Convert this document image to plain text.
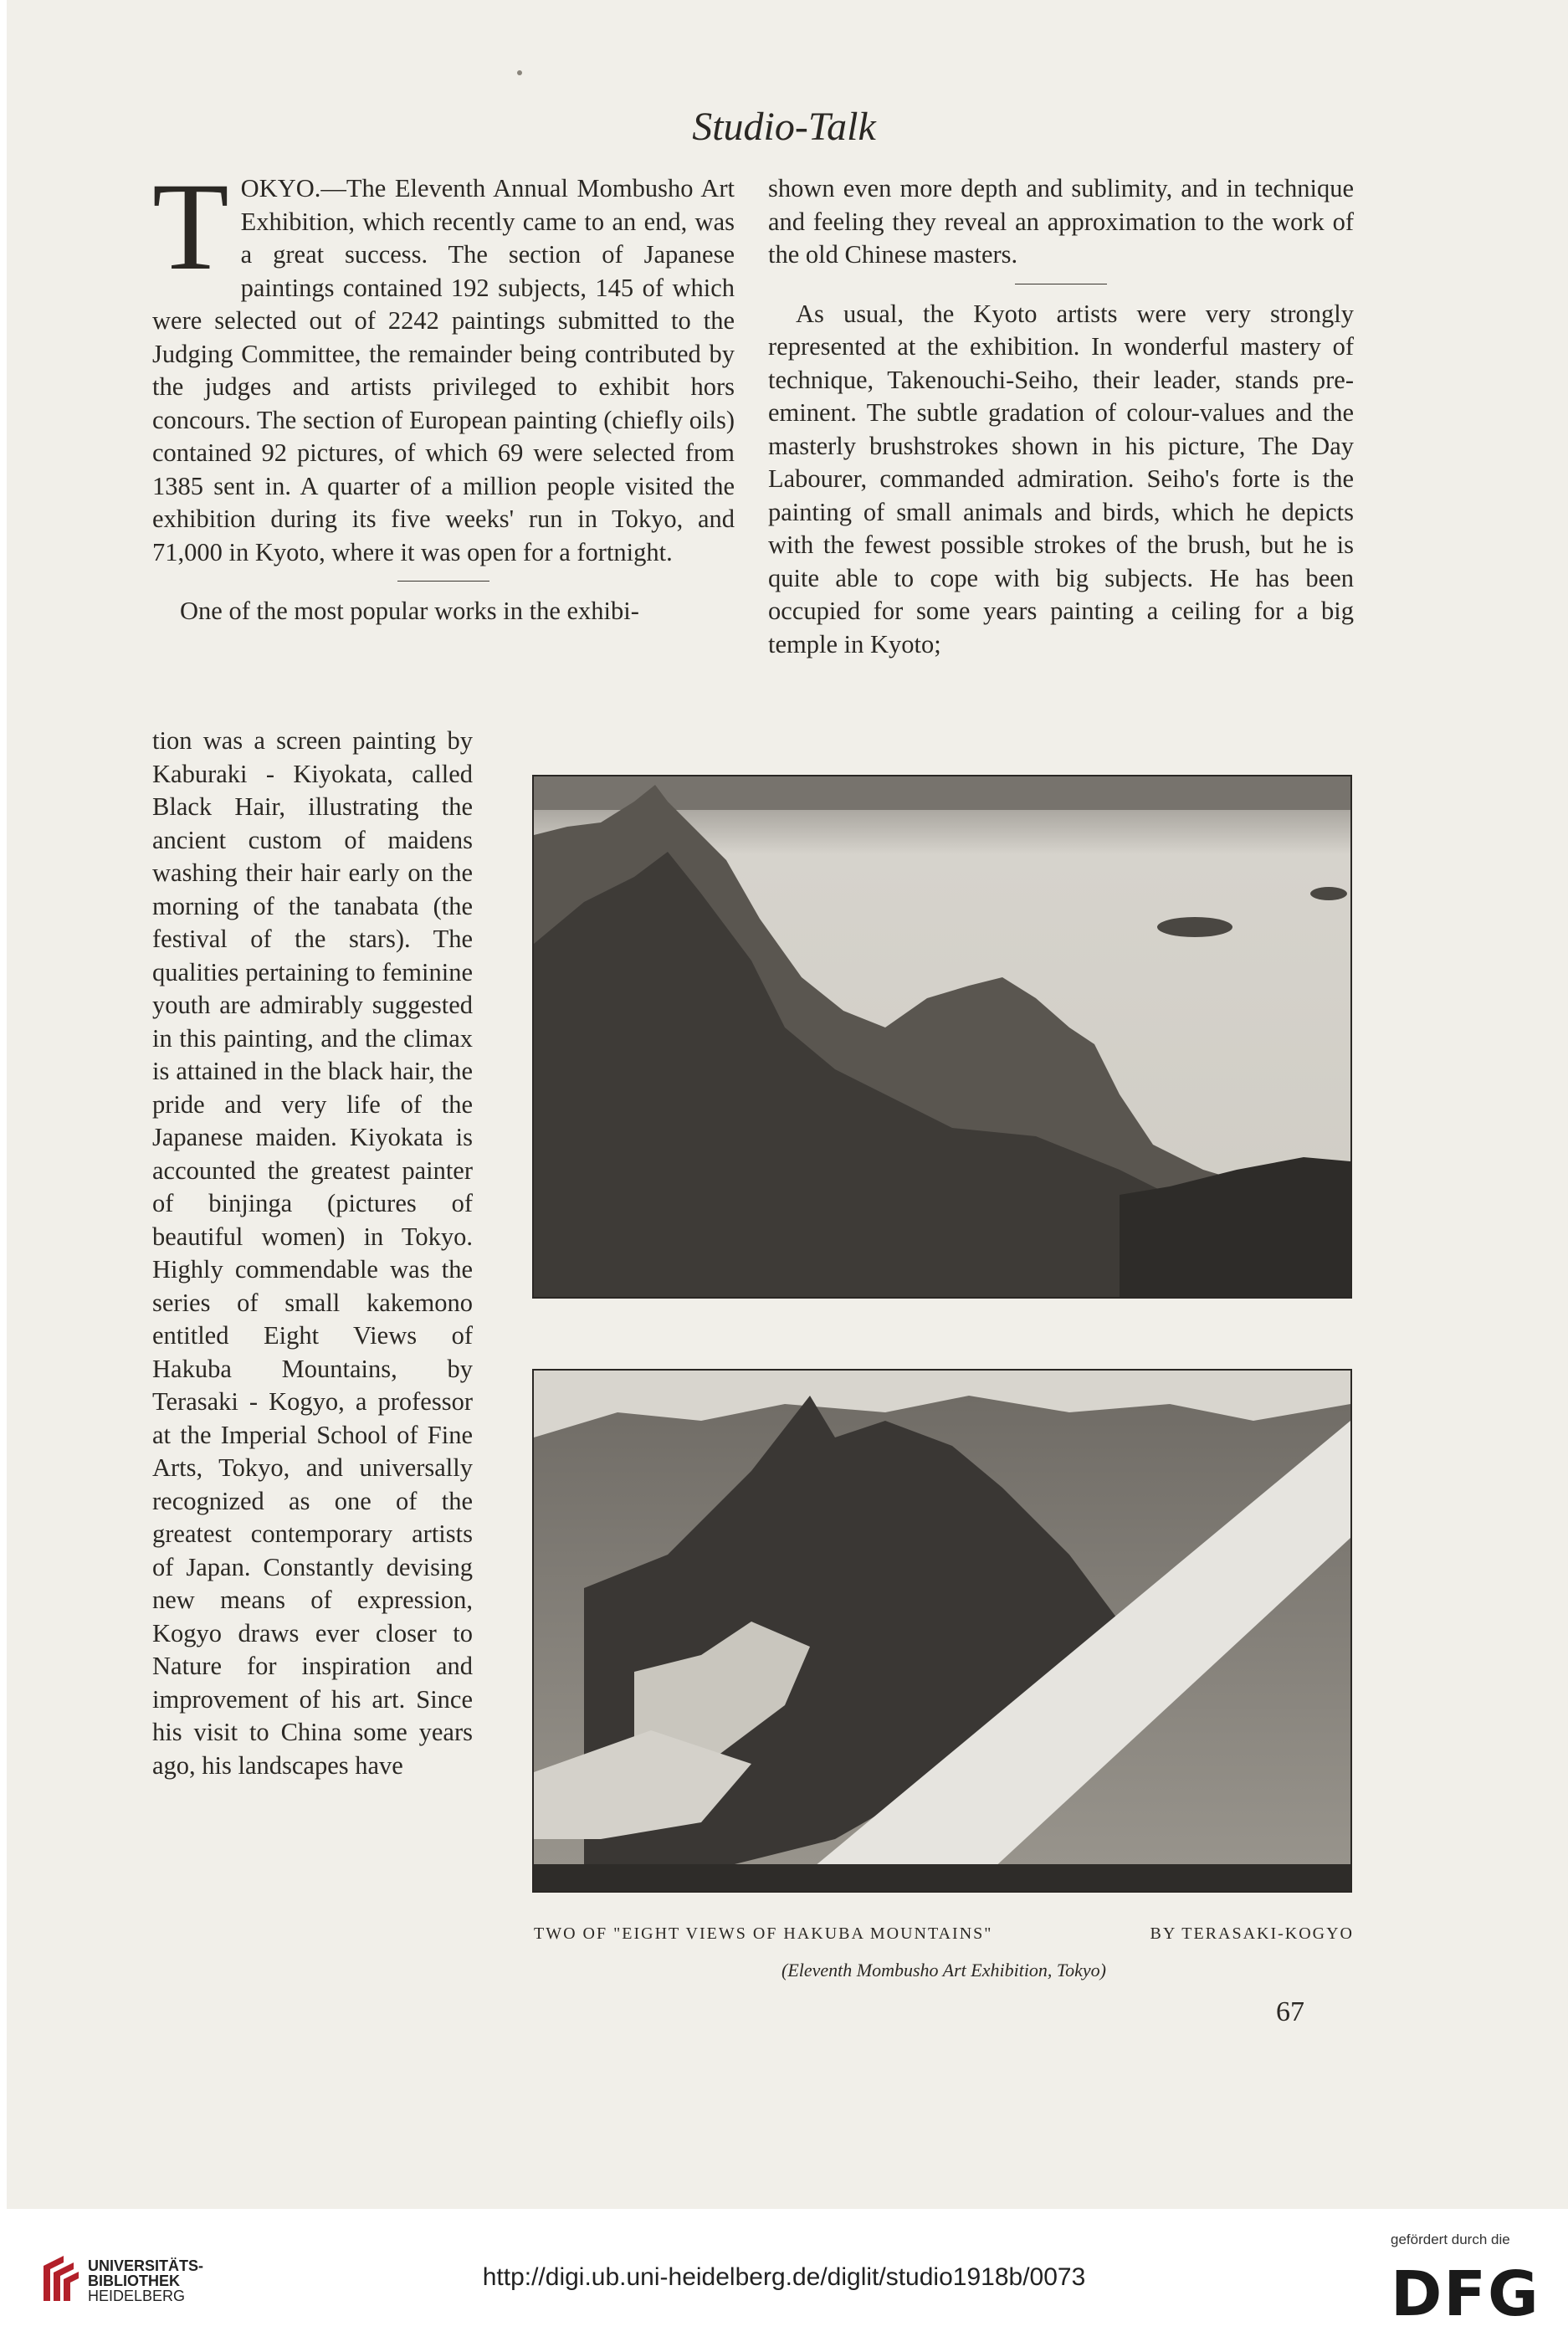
Studio-Talk
T OKYO.—The Eleventh Annual Mombusho Art Exhibition, which recently came to an end, was a great success. The section of Japanese paintings contained 192 subjects, 145 of which were selected out of 2242 paintings submitted to the Judging Committee, the remainder being contributed by the judges and artists privileged to exhibit hors concours. The section of European painting (chiefly oils) contained 92 pictures, of which 69 were selected from 1385 sent in. A quarter of a million people visited the exhibition during its five weeks' run in Tokyo, and 71,000 in Kyoto, where it was open for a fortnight.

One of the most popular works in the exhibi-

tion was a screen painting by Kaburaki - Kiyokata, called Black Hair, illustrating the ancient custom of maidens washing their hair early on the morning of the tanabata (the festival of the stars). The qualities pertaining to feminine youth are admirably suggested in this painting, and the climax is attained in the black hair, the pride and very life of the Japanese maiden. Kiyokata is accounted the greatest painter of binjinga (pictures of beautiful women) in Tokyo. Highly commendable was the series of small kakemono entitled Eight Views of Hakuba Mountains, by Terasaki - Kogyo, a professor at the Imperial School of Fine Arts, Tokyo, and universally recognized as one of the greatest contemporary artists of Japan. Constantly devising new means of expression, Kogyo draws ever closer to Nature for inspiration and improvement of his art. Since his visit to China some years ago, his landscapes have

shown even more depth and sublimity, and in technique and feeling they reveal an approximation to the work of the old Chinese masters.

As usual, the Kyoto artists were very strongly represented at the exhibition. In wonderful mastery of technique, Takenouchi-Seiho, their leader, stands pre-eminent. The subtle gradation of colour-values and the masterly brushstrokes shown in his picture, The Day Labourer, commanded admiration. Seiho's forte is the painting of small animals and birds, which he depicts with the fewest possible strokes of the brush, but he is quite able to cope with big subjects. He has been occupied for some years painting a ceiling for a big temple in Kyoto;

TWO OF "EIGHT VIEWS OF HAKUBA MOUNTAINS"	BY TERASAKI-KOGYO
(Eleventh Mombusho Art Exhibition, Tokyo)
67
UNIVERSITÄTS-
BIBLIOTHEK
HEIDELBERG
http://digi.ub.uni-heidelberg.de/diglit/studio1918b/0073
gefördert durch die
DFG
